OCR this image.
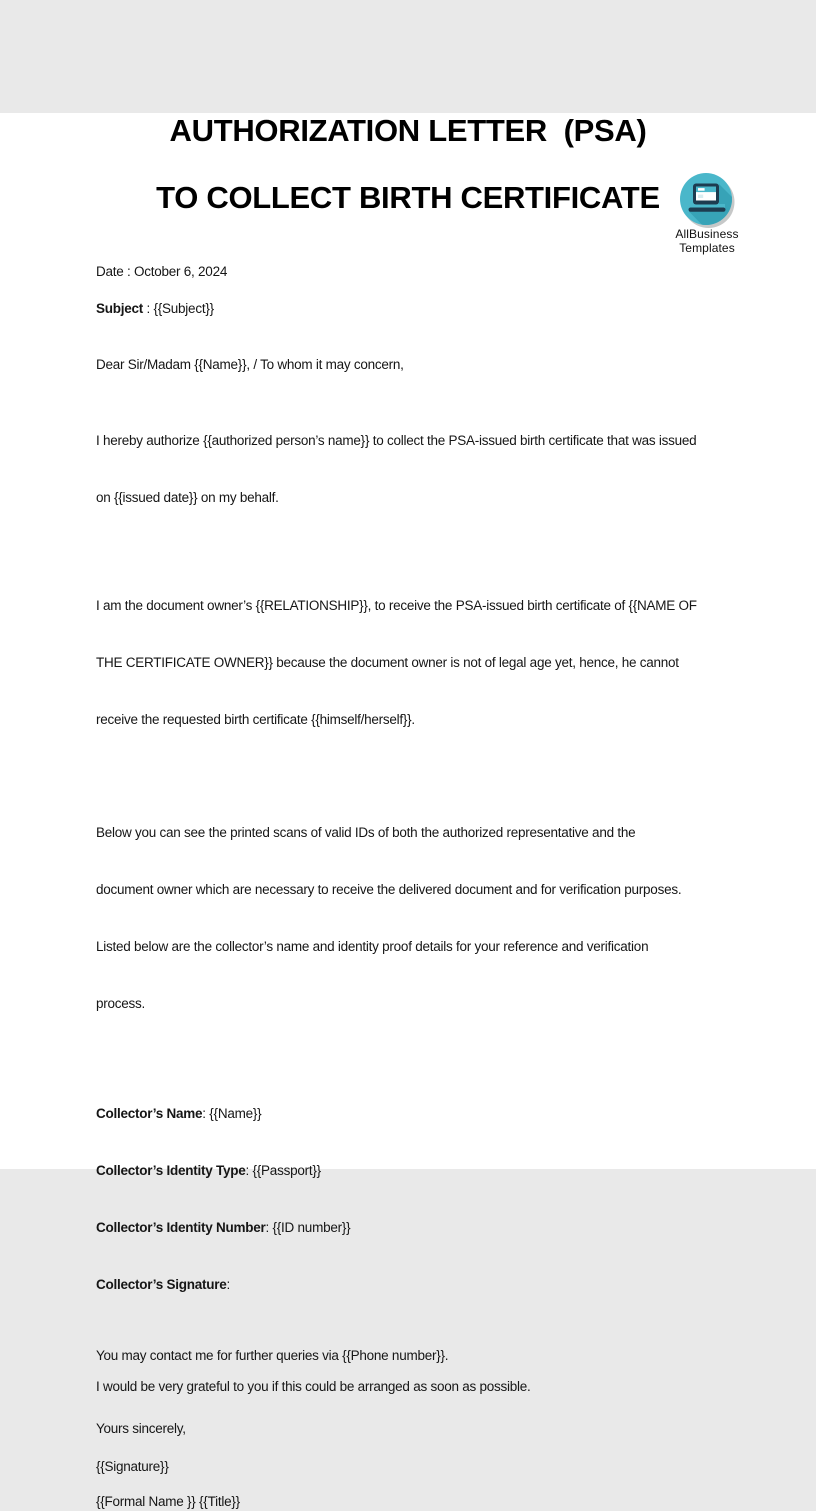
AllBusiness
Templates
AUTHORIZATION LETTER  (PSA)
TO COLLECT BIRTH CERTIFICATE

Date : October 6, 2024

Subject : {{Subject}}

Dear Sir/Madam {{Name}}, / To whom it may concern,

I hereby authorize {{authorized person’s name}} to collect the PSA-issued birth certificate that was issued

on {{issued date}} on my behalf.

I am the document owner’s {{RELATIONSHIP}}, to receive the PSA-issued birth certificate of {{NAME OF

THE CERTIFICATE OWNER}} because the document owner is not of legal age yet, hence, he cannot

receive the requested birth certificate {{himself/herself}}.

Below you can see the printed scans of valid IDs of both the authorized representative and the

document owner which are necessary to receive the delivered document and for verification purposes.

Listed below are the collector’s name and identity proof details for your reference and verification

process.

Collector’s Name: {{Name}}

Collector’s Identity Type: {{Passport}}

Collector’s Identity Number: {{ID number}}

Collector’s Signature:

You may contact me for further queries via {{Phone number}}.

I would be very grateful to you if this could be arranged as soon as possible.

Yours sincerely,

{{Signature}}

{{Formal Name }} {{Title}}
